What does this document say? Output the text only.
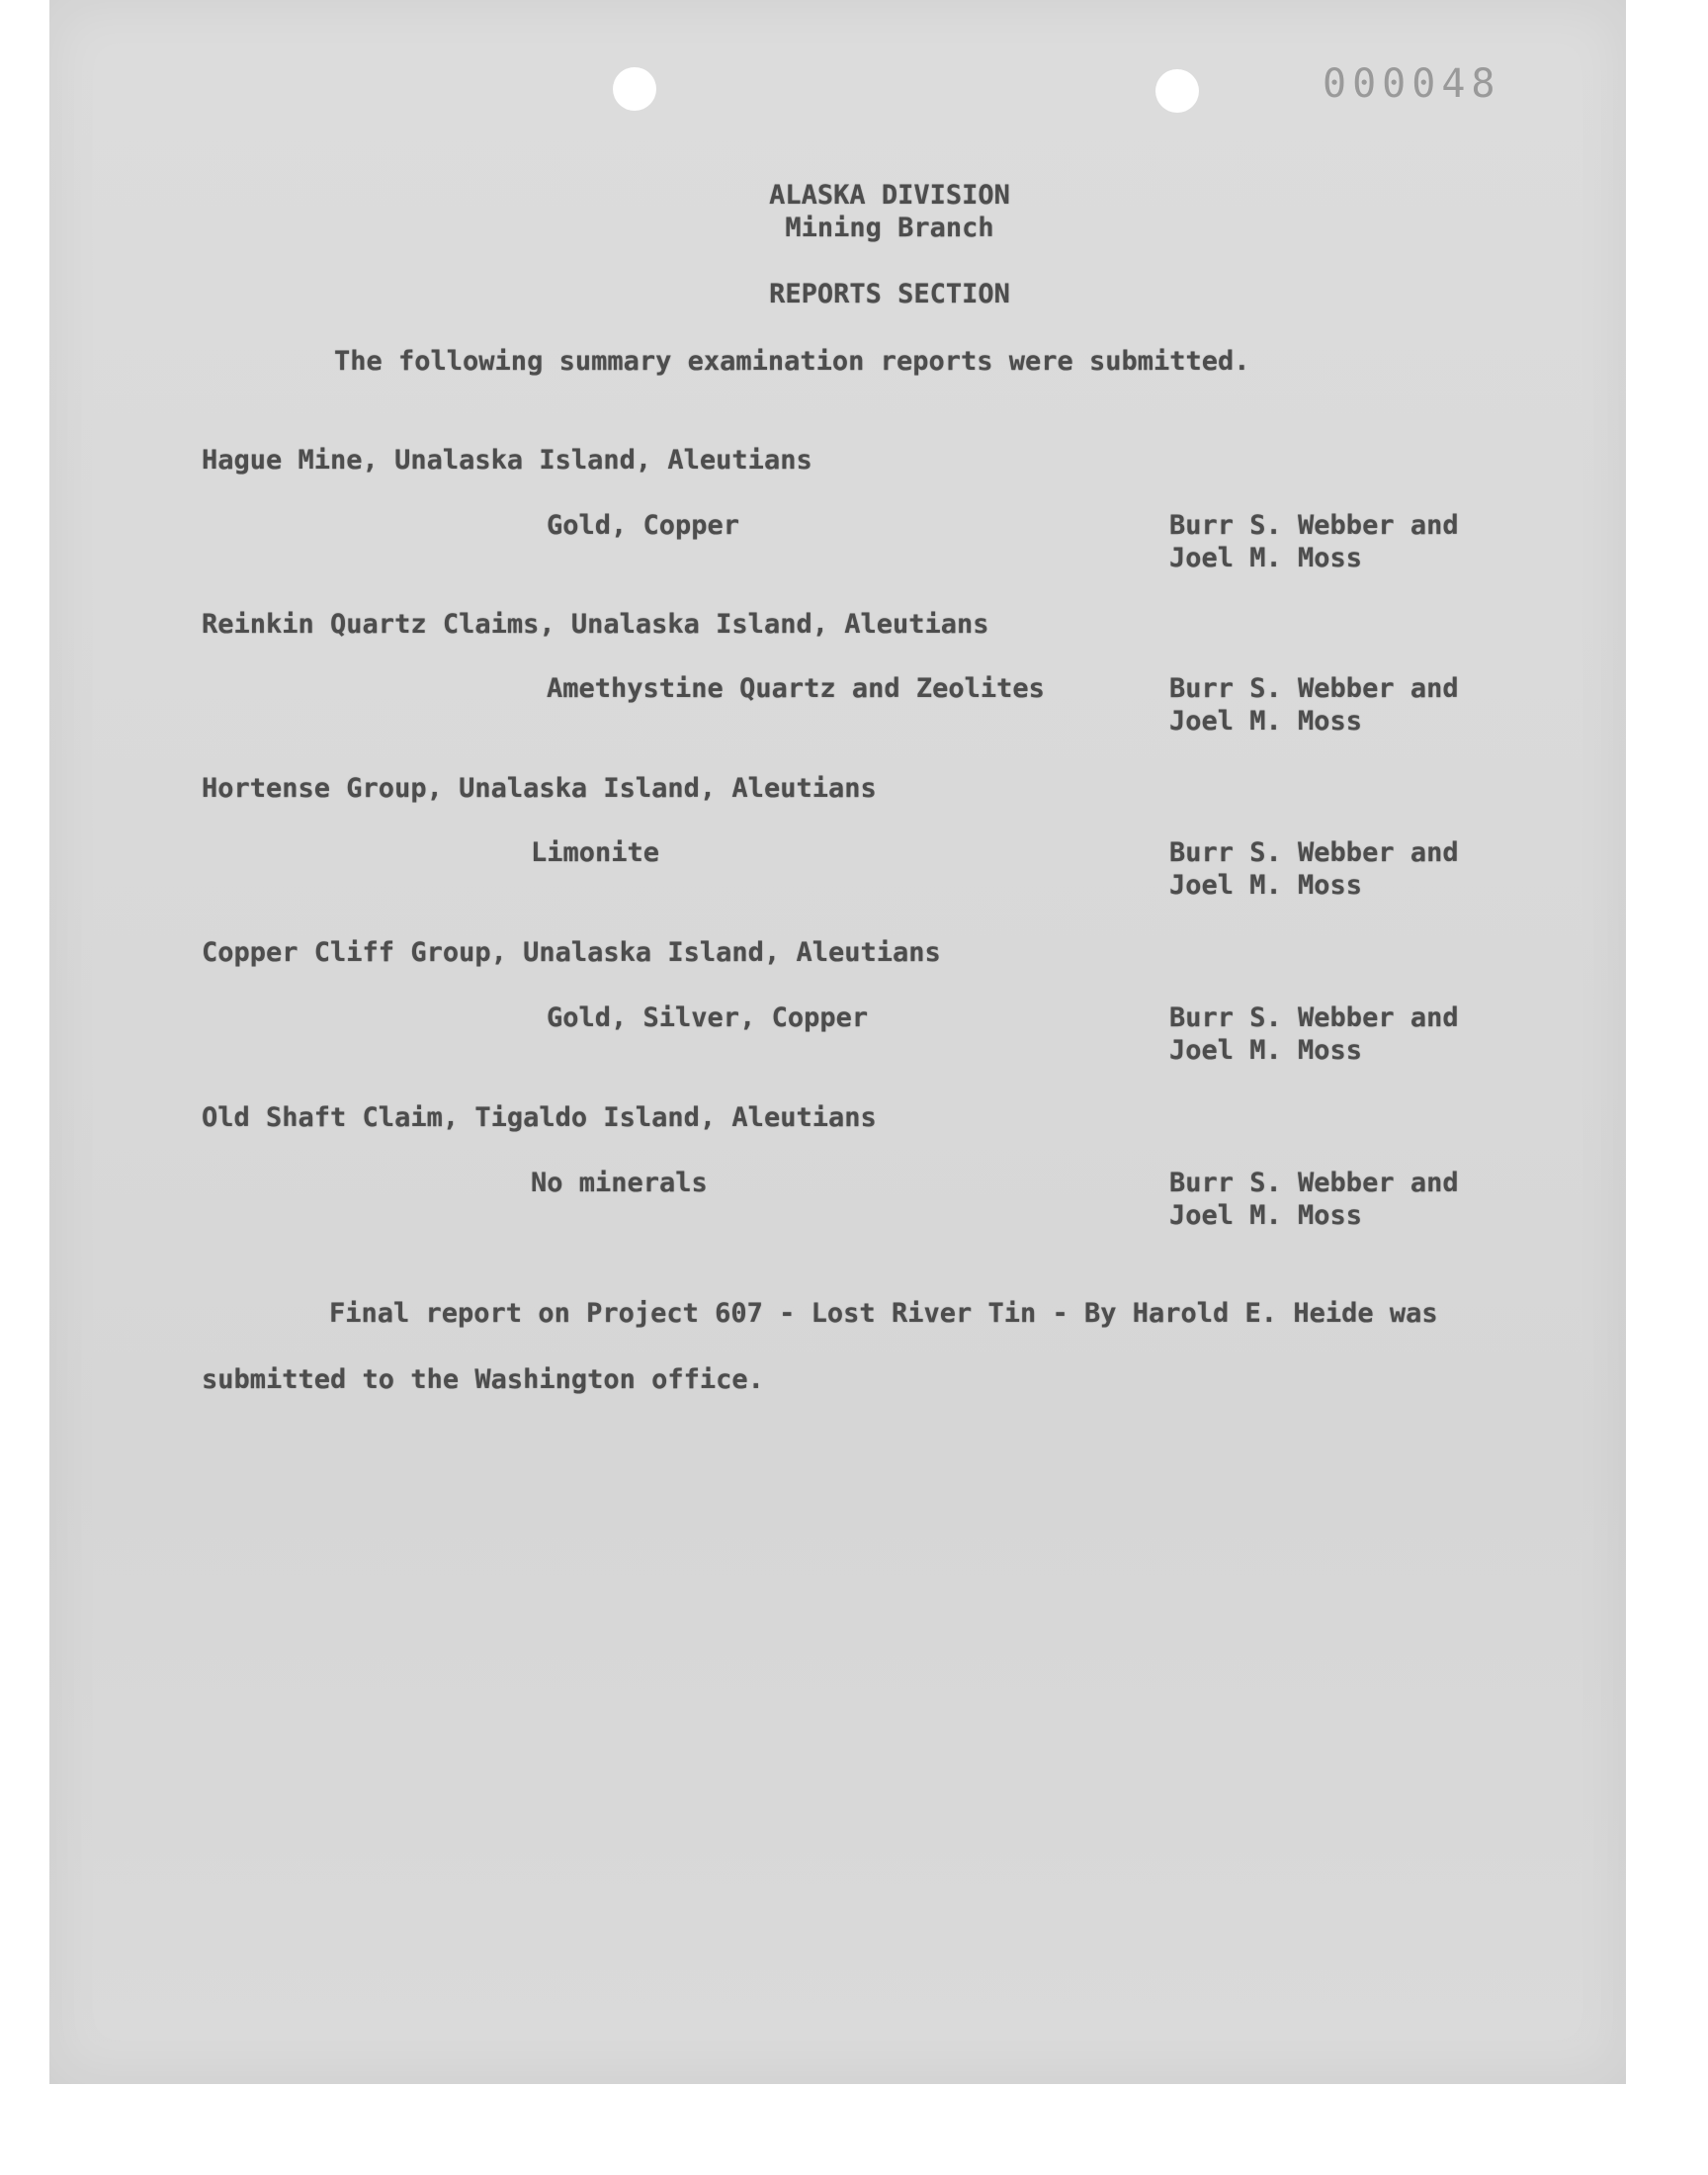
000048
ALASKA DIVISION
Mining Branch
REPORTS SECTION
The following summary examination reports were submitted.
Hague Mine, Unalaska Island, Aleutians
Gold, Copper	Burr S. Webber and
Joel M. Moss
Reinkin Quartz Claims, Unalaska Island, Aleutians
Amethystine Quartz and Zeolites	Burr S. Webber and
Joel M. Moss
Hortense Group, Unalaska Island, Aleutians
Limonite	Burr S. Webber and
Joel M. Moss
Copper Cliff Group, Unalaska Island, Aleutians
Gold, Silver, Copper	Burr S. Webber and
Joel M. Moss
Old Shaft Claim, Tigaldo Island, Aleutians
No minerals	Burr S. Webber and
Joel M. Moss
Final report on Project 607 - Lost River Tin - By Harold E. Heide was
submitted to the Washington office.
